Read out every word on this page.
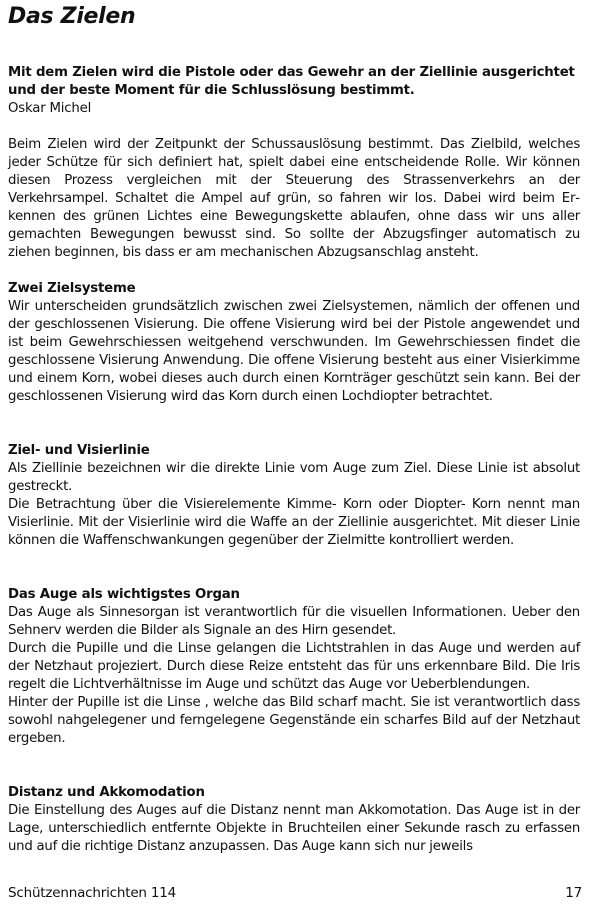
Das Zielen

Mit dem Zielen wird die Pistole oder das Gewehr an der Ziellinie ausgerichtet und der beste Moment für die Schlusslösung bestimmt.

Oskar Michel

Beim Zielen wird der Zeitpunkt der Schussauslösung bestimmt. Das Zielbild, welches jeder Schütze für sich definiert hat, spielt dabei eine entscheidende Rolle. Wir können diesen Prozess vergleichen mit der Steuerung des Strassenverkehrs an der Verkehrsampel. Schaltet die Ampel auf grün, so fahren wir los. Dabei wird beim Erkennen des grünen Lichtes eine Bewegungskette ablaufen, ohne dass wir uns aller gemachten Bewegungen bewusst sind. So sollte der Abzugsfinger automatisch zu ziehen beginnen, bis dass er am mechanischen Abzugsanschlag ansteht.

Zwei Zielsysteme

Wir unterscheiden grundsätzlich zwischen zwei Zielsystemen, nämlich der offenen und der geschlossenen Visierung. Die offene Visierung wird bei der Pistole angewendet und ist beim Gewehrschiessen weitgehend verschwunden. Im Gewehrschiessen findet die geschlossene Visierung Anwendung. Die offene Visierung besteht aus einer Visierkimme und einem Korn, wobei dieses auch durch einen Kornträger geschützt sein kann. Bei der geschlossenen Visierung wird das Korn durch einen Lochdiopter betrachtet.

Ziel- und Visierlinie

Als Ziellinie bezeichnen wir die direkte Linie vom Auge zum Ziel. Diese Linie ist absolut gestreckt.

Die Betrachtung über die Visierelemente Kimme- Korn oder Diopter- Korn nennt man Visierlinie. Mit der Visierlinie wird die Waffe an der Ziellinie ausgerichtet. Mit dieser Linie können die Waffenschwankungen gegenüber der Zielmitte kontrolliert werden.

Das Auge als wichtigstes Organ

Das Auge als Sinnesorgan ist verantwortlich für die visuellen Informationen. Ueber den Sehnerv werden die Bilder als Signale an des Hirn gesendet.

Durch die Pupille und die Linse gelangen die Lichtstrahlen in das Auge und werden auf der Netzhaut projeziert. Durch diese Reize entsteht das für uns erkennbare Bild. Die Iris regelt die Lichtverhältnisse im Auge und schützt das Auge vor Ueberblendungen.

Hinter der Pupille ist die Linse , welche das Bild scharf macht. Sie ist verantwortlich dass sowohl nahgelegener und ferngelegene Gegenstände ein scharfes Bild auf der Netzhaut ergeben.

Distanz und Akkomodation

Die Einstellung des Auges auf die Distanz nennt man Akkomotation. Das Auge ist in der Lage, unterschiedlich entfernte Objekte in Bruchteilen einer Sekunde rasch zu erfassen und auf die richtige Distanz anzupassen. Das Auge kann sich nur jeweils

Schützennachrichten 114	17
